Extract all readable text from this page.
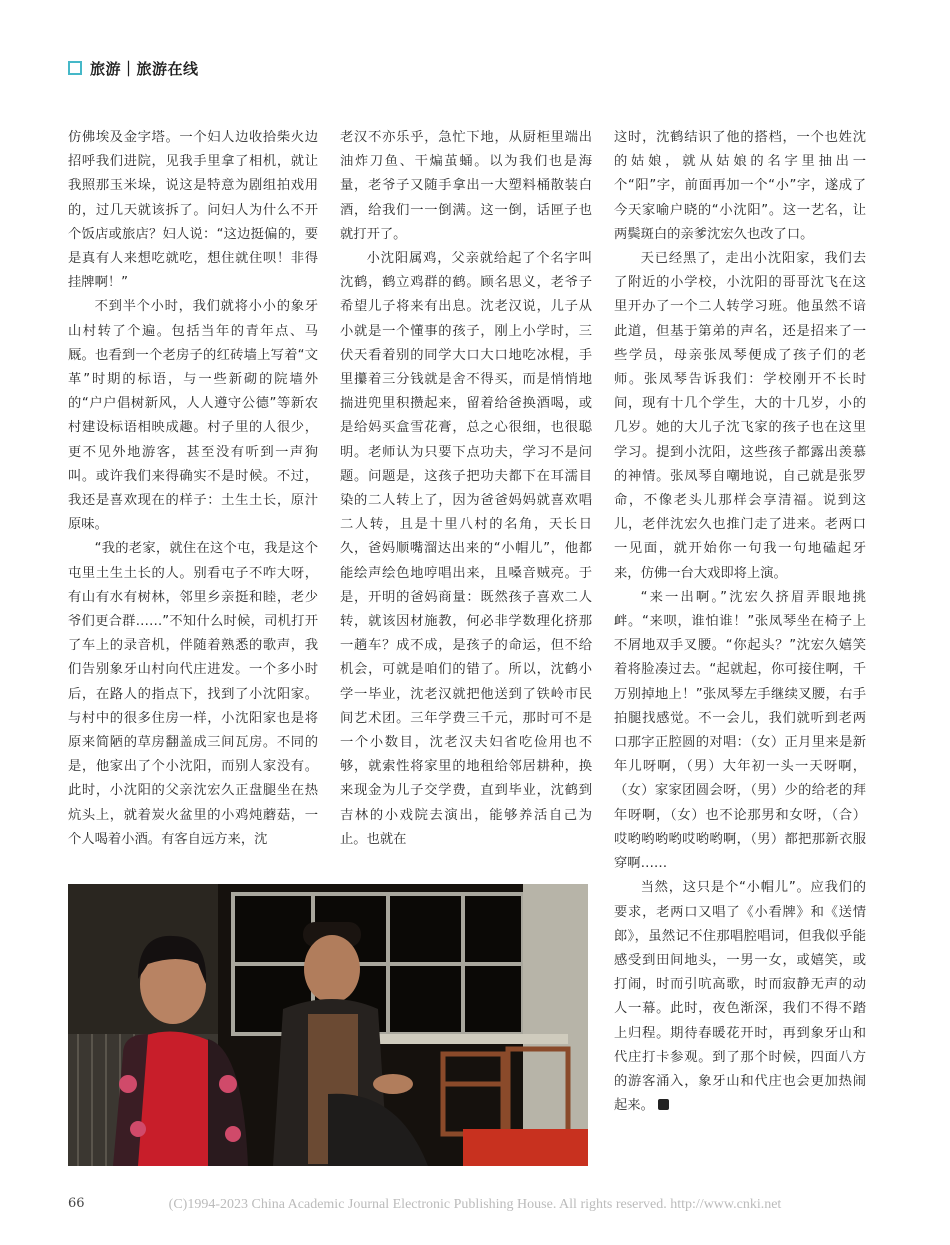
旅游｜旅游在线

仿佛埃及金字塔。一个妇人边收拾柴火边招呼我们进院，见我手里拿了相机，就让我照那玉米垛，说这是特意为剧组拍戏用的，过几天就该拆了。问妇人为什么不开个饭店或旅店？妇人说：“这边挺偏的，要是真有人来想吃就吃，想住就住呗！非得挂牌啊！”

不到半个小时，我们就将小小的象牙山村转了个遍。包括当年的青年点、马厩。也看到一个老房子的红砖墙上写着“文革”时期的标语，与一些新砌的院墙外的“户户倡树新风，人人遵守公德”等新农村建设标语相映成趣。村子里的人很少，更不见外地游客，甚至没有听到一声狗叫。或许我们来得确实不是时候。不过，我还是喜欢现在的样子：土生土长，原汁原味。

“我的老家，就住在这个屯，我是这个屯里土生土长的人。别看屯子不咋大呀，有山有水有树林，邻里乡亲挺和睦，老少爷们更合群……”不知什么时候，司机打开了车上的录音机，伴随着熟悉的歌声，我们告别象牙山村向代庄进发。一个多小时后，在路人的指点下，找到了小沈阳家。与村中的很多住房一样，小沈阳家也是将原来简陋的草房翻盖成三间瓦房。不同的是，他家出了个小沈阳，而别人家没有。此时，小沈阳的父亲沈宏久正盘腿坐在热炕头上，就着炭火盆里的小鸡炖蘑菇，一个人喝着小酒。有客自远方来，沈

老汉不亦乐乎，急忙下地，从厨柜里端出油炸刀鱼、干煸茧蛹。以为我们也是海量，老爷子又随手拿出一大塑料桶散装白酒，给我们一一倒满。这一倒，话匣子也就打开了。

小沈阳属鸡，父亲就给起了个名字叫沈鹤，鹤立鸡群的鹤。顾名思义，老爷子希望儿子将来有出息。沈老汉说，儿子从小就是一个懂事的孩子，刚上小学时，三伏天看着别的同学大口大口地吃冰棍，手里攥着三分钱就是舍不得买，而是悄悄地揣进兜里积攒起来，留着给爸换酒喝，或是给妈买盒雪花膏，总之心很细，也很聪明。老师认为只要下点功夫，学习不是问题。问题是，这孩子把功夫都下在耳濡目染的二人转上了，因为爸爸妈妈就喜欢唱二人转，且是十里八村的名角，天长日久，爸妈顺嘴溜达出来的“小帽儿”，他都能绘声绘色地哼唱出来，且嗓音贼亮。于是，开明的爸妈商量：既然孩子喜欢二人转，就该因材施教，何必非学数理化挤那一趟车？成不成，是孩子的命运，但不给机会，可就是咱们的错了。所以，沈鹤小学一毕业，沈老汉就把他送到了铁岭市民间艺术团。三年学费三千元，那时可不是一个小数目，沈老汉夫妇省吃俭用也不够，就索性将家里的地租给邻居耕种，换来现金为儿子交学费，直到毕业，沈鹤到吉林的小戏院去演出，能够养活自己为止。也就在

这时，沈鹤结识了他的搭档，一个也姓沈的姑娘，就从姑娘的名字里抽出一个“阳”字，前面再加一个“小”字，遂成了今天家喻户晓的“小沈阳”。这一艺名，让两鬓斑白的亲爹沈宏久也改了口。

天已经黑了，走出小沈阳家，我们去了附近的小学校，小沈阳的哥哥沈飞在这里开办了一个二人转学习班。他虽然不谙此道，但基于第弟的声名，还是招来了一些学员，母亲张凤琴便成了孩子们的老师。张凤琴告诉我们：学校刚开不长时间，现有十几个学生，大的十几岁，小的几岁。她的大儿子沈飞家的孩子也在这里学习。提到小沈阳，这些孩子都露出羡慕的神情。张凤琴自嘲地说，自己就是张罗命，不像老头儿那样会享清福。说到这儿，老伴沈宏久也推门走了进来。老两口一见面，就开始你一句我一句地磕起牙来，仿佛一台大戏即将上演。

“来一出啊。”沈宏久挤眉弄眼地挑衅。“来呗，谁怕谁！”张凤琴坐在椅子上不屑地双手叉腰。“你起头？”沈宏久嬉笑着将脸凑过去。“起就起，你可接住啊，千万别掉地上！”张凤琴左手继续叉腰，右手拍腿找感觉。不一会儿，我们就听到老两口那字正腔圆的对唱：（女）正月里来是新年儿呀啊，（男）大年初一头一天呀啊，（女）家家团圆会呀，（男）少的给老的拜年呀啊，（女）也不论那男和女呀，（合）哎哟哟哟哟哎哟哟啊，（男）都把那新衣服穿啊……

当然，这只是个“小帽儿”。应我们的要求，老两口又唱了《小看牌》和《送情郎》，虽然记不住那唱腔唱词，但我似乎能感受到田间地头，一男一女，或嬉笑，或打闹，时而引吭高歌，时而寂静无声的动人一幕。此时，夜色渐深，我们不得不踏上归程。期待春暖花开时，再到象牙山和代庄打卡参观。到了那个时候，四面八方的游客涌入，象牙山和代庄也会更加热闹起来。

66	(C)1994-2023 China Academic Journal Electronic Publishing House. All rights reserved. http://www.cnki.net
